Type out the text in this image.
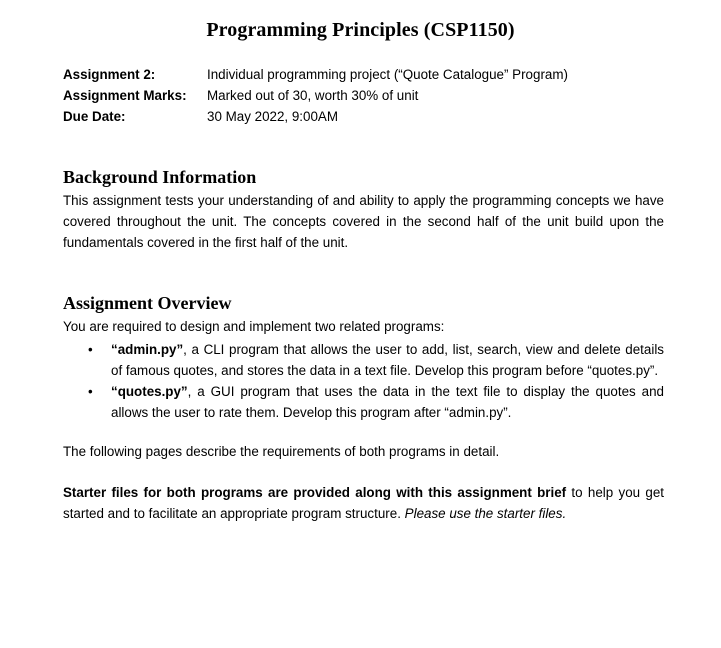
Programming Principles (CSP1150)
Assignment 2:	Individual programming project (“Quote Catalogue” Program)
Assignment Marks:	Marked out of 30, worth 30% of unit
Due Date:	30 May 2022, 9:00AM
Background Information
This assignment tests your understanding of and ability to apply the programming concepts we have covered throughout the unit. The concepts covered in the second half of the unit build upon the fundamentals covered in the first half of the unit.
Assignment Overview
You are required to design and implement two related programs:
• “admin.py”, a CLI program that allows the user to add, list, search, view and delete details of famous quotes, and stores the data in a text file. Develop this program before “quotes.py”.
• “quotes.py”, a GUI program that uses the data in the text file to display the quotes and allows the user to rate them. Develop this program after “admin.py”.
The following pages describe the requirements of both programs in detail.
Starter files for both programs are provided along with this assignment brief to help you get started and to facilitate an appropriate program structure. Please use the starter files.
